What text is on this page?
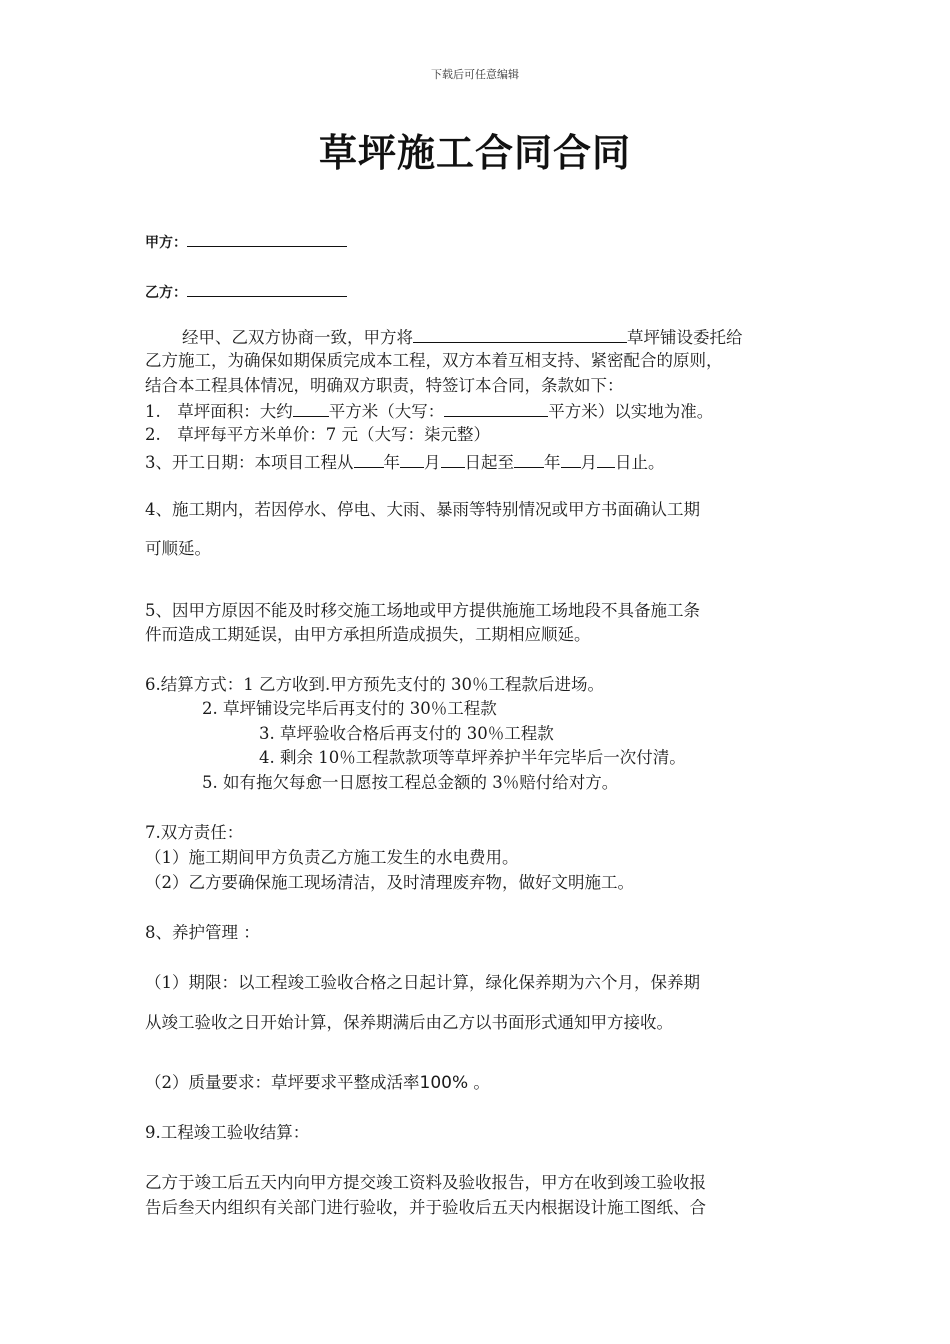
下载后可任意编辑
草坪施工合同合同
甲方：
乙方：
经甲、乙双方协商一致，甲方将	草坪铺设委托给
乙方施工，为确保如期保质完成本工程，双方本着互相支持、紧密配合的原则，
结合本工程具体情况，明确双方职责，特签订本合同，条款如下：
1.　草坪面积：大约 平方米（大写：	平方米）以实地为准。
2.　草坪每平方米单价：7 元（大写：柒元整）
3、开工日期：本项目工程从 年 月 日起至 年 月 日止。
4、施工期内，若因停水、停电、大雨、暴雨等特别情况或甲方书面确认工期
可顺延。
5、因甲方原因不能及时移交施工场地或甲方提供施施工场地段不具备施工条
件而造成工期延误，由甲方承担所造成损失，工期相应顺延。
6.结算方式：1 乙方收到.甲方预先支付的 30％工程款后进场。
2. 草坪铺设完毕后再支付的 30％工程款
3. 草坪验收合格后再支付的 30％工程款
4. 剩余 10％工程款款项等草坪养护半年完毕后一次付清。
5. 如有拖欠每愈一日愿按工程总金额的 3％赔付给对方。
7.双方责任：
（1）施工期间甲方负责乙方施工发生的水电费用。
（2）乙方要确保施工现场清洁，及时清理废弃物，做好文明施工。
8、养护管理 ：
（1）期限：以工程竣工验收合格之日起计算，绿化保养期为六个月，保养期
从竣工验收之日开始计算，保养期满后由乙方以书面形式通知甲方接收。
（2）质量要求：草坪要求平整成活率100% 。
9.工程竣工验收结算：
乙方于竣工后五天内向甲方提交竣工资料及验收报告，甲方在收到竣工验收报
告后叁天内组织有关部门进行验收，并于验收后五天内根据设计施工图纸、合
